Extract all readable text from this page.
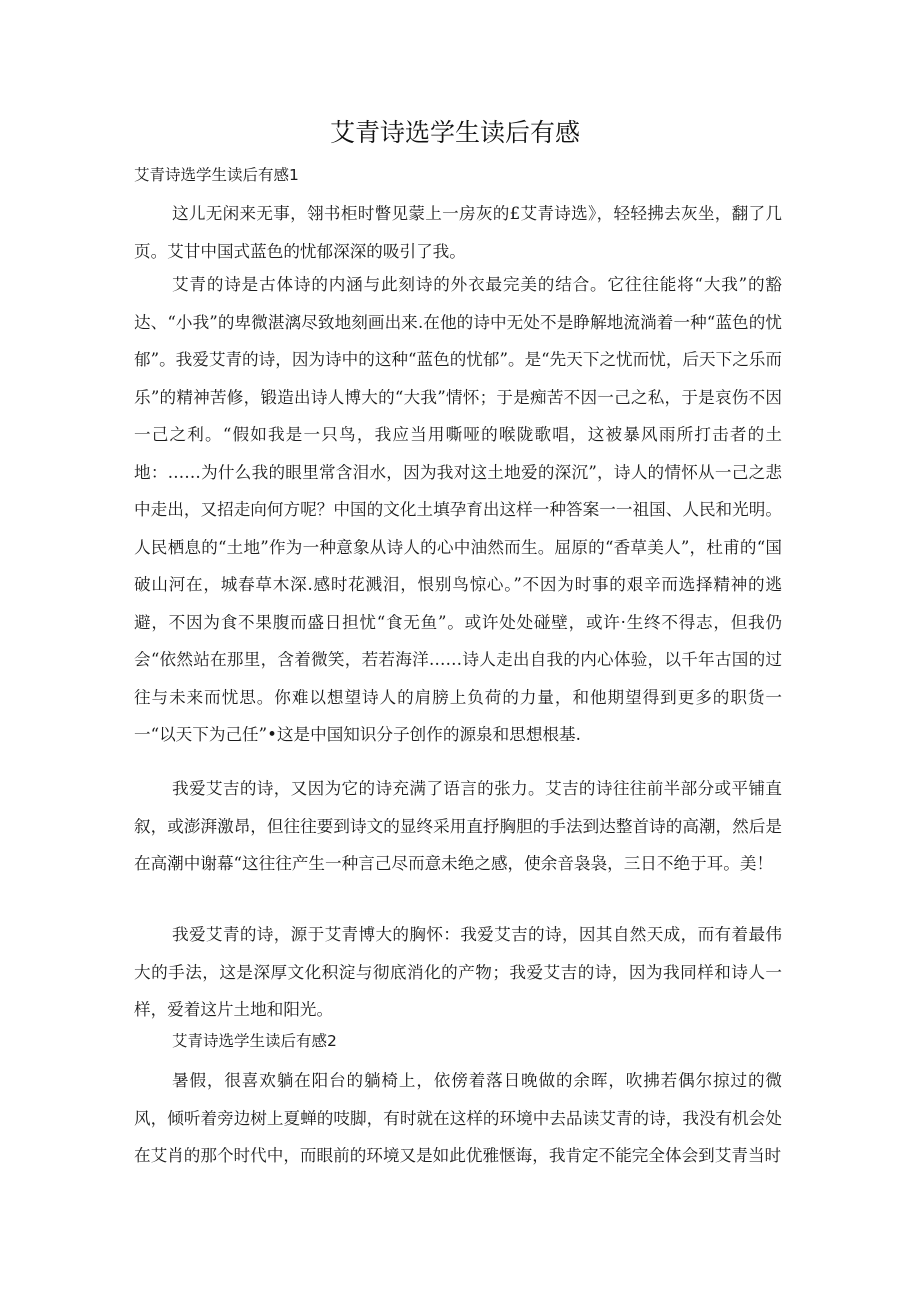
艾青诗选学生读后有感
艾青诗选学生读后有感1

这儿无闲来无事，翎书柜时瞥见蒙上一房灰的£艾青诗选》，轻轻拂去灰坐，翻了几页。艾甘中国式蓝色的忧郁深深的吸引了我。

艾青的诗是古体诗的内涵与此刻诗的外衣最完美的结合。它往往能将“大我”的豁达、“小我”的卑微湛漓尽致地刻画出来.在他的诗中无处不是睁解地流淌着一种“蓝色的忧郁”。我爱艾青的诗，因为诗中的这种“蓝色的忧郁”。是“先天下之忧而忧，后天下之乐而乐”的精神苦修，锻造出诗人博大的“大我”情怀；于是痴苦不因一己之私，于是哀伤不因一己之利。“假如我是一只鸟，我应当用嘶哑的喉陇歌唱，这被暴风雨所打击者的土地：……为什么我的眼里常含泪水，因为我对这土地爱的深沉”，诗人的情怀从一己之悲中走出，又招走向何方呢？中国的文化土填孕育出这样一种答案一一祖国、人民和光明。人民栖息的“土地”作为一种意象从诗人的心中油然而生。屈原的“香草美人”，杜甫的“国破山河在，城春草木深.感时花溅泪，恨别鸟惊心。”不因为时事的艰辛而选择精神的逃避，不因为食不果腹而盛日担忧“食无鱼”。或许处处碰壁，或许·生终不得志，但我仍会“依然站在那里，含着微笑，若若海洋……诗人走出自我的内心体验，以千年古国的过往与未来而忧思。你难以想望诗人的肩膀上负荷的力量，和他期望得到更多的职货一一“以天下为己任”•这是中国知识分子创作的源泉和思想根基.

我爱艾吉的诗，又因为它的诗充满了语言的张力。艾吉的诗往往前半部分或平铺直叙，或澎湃激昂，但往往要到诗文的显终采用直抒胸胆的手法到达整首诗的高潮，然后是在高潮中谢幕“这往往产生一种言己尽而意未绝之感，使余音袅袅，三日不绝于耳。美！

我爱艾青的诗，源于艾青博大的胸怀：我爱艾吉的诗，因其自然天成，而有着最伟大的手法，这是深厚文化积淀与彻底消化的产物；我爱艾吉的诗，因为我同样和诗人一样，爱着这片土地和阳光。

艾青诗选学生读后有感2

暑假，很喜欢躺在阳台的躺椅上，依傍着落日晚做的余晖，吹拂若偶尔掠过的微风，倾听着旁边树上夏蝉的吱脚，有时就在这样的环境中去品读艾青的诗，我没有机会处在艾肖的那个时代中，而眼前的环境又是如此优雅惬诲，我肯定不能完全体会到艾青当时
